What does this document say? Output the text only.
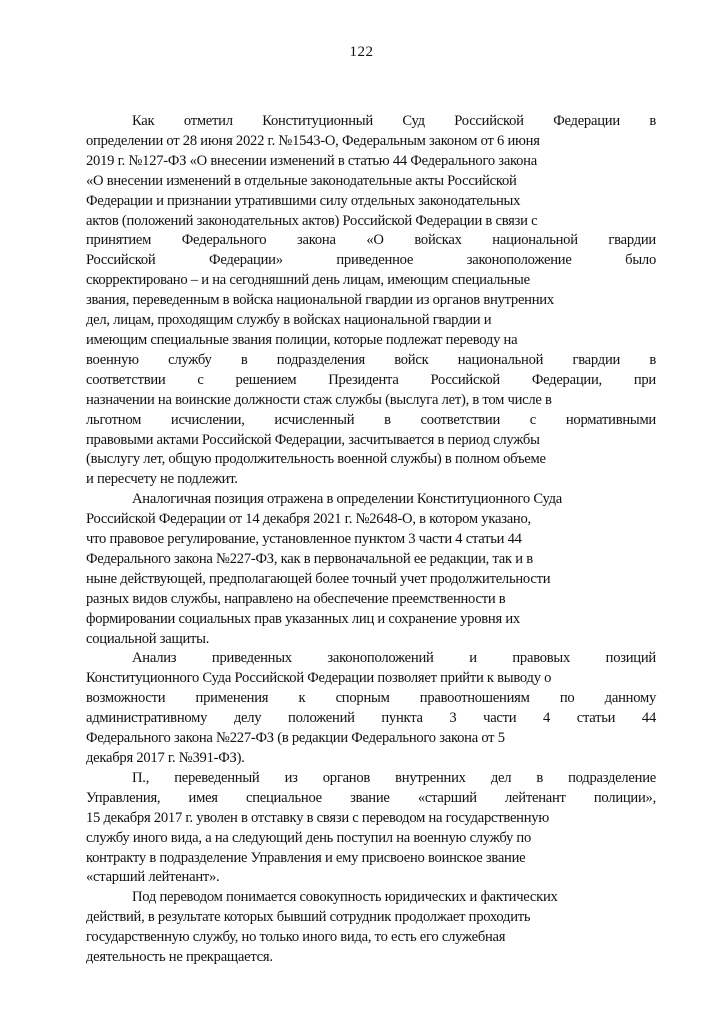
122
Как отметил Конституционный Суд Российской Федерации в
определении от 28 июня 2022 г. №1543-О, Федеральным законом от 6 июня
2019 г. №127-ФЗ «О внесении изменений в статью 44 Федерального закона
«О внесении изменений в отдельные законодательные акты Российской
Федерации и признании утратившими силу отдельных законодательных
актов (положений законодательных актов) Российской Федерации в связи с
принятием Федерального закона «О войсках национальной гвардии
Российской Федерации» приведенное законоположение было
скорректировано – и на сегодняшний день лицам, имеющим специальные
звания, переведенным в войска национальной гвардии из органов внутренних
дел, лицам, проходящим службу в войсках национальной гвардии и
имеющим специальные звания полиции, которые подлежат переводу на
военную службу в подразделения войск национальной гвардии в
соответствии с решением Президента Российской Федерации, при
назначении на воинские должности стаж службы (выслуга лет), в том числе в
льготном исчислении, исчисленный в соответствии с нормативными
правовыми актами Российской Федерации, засчитывается в период службы
(выслугу лет, общую продолжительность военной службы) в полном объеме
и пересчету не подлежит.
Аналогичная позиция отражена в определении Конституционного Суда
Российской Федерации от 14 декабря 2021 г. №2648-О, в котором указано,
что правовое регулирование, установленное пунктом 3 части 4 статьи 44
Федерального закона №227-ФЗ, как в первоначальной ее редакции, так и в
ныне действующей, предполагающей более точный учет продолжительности
разных видов службы, направлено на обеспечение преемственности в
формировании социальных прав указанных лиц и сохранение уровня их
социальной защиты.
Анализ приведенных законоположений и правовых позиций
Конституционного Суда Российской Федерации позволяет прийти к выводу о
возможности применения к спорным правоотношениям по данному
административному делу положений пункта 3 части 4 статьи 44
Федерального закона №227-ФЗ (в редакции Федерального закона от 5
декабря 2017 г. №391-ФЗ).
П., переведенный из органов внутренних дел в подразделение
Управления, имея специальное звание «старший лейтенант полиции»,
15 декабря 2017 г. уволен в отставку в связи с переводом на государственную
службу иного вида, а на следующий день поступил на военную службу по
контракту в подразделение Управления и ему присвоено воинское звание
«старший лейтенант».
Под переводом понимается совокупность юридических и фактических
действий, в результате которых бывший сотрудник продолжает проходить
государственную службу, но только иного вида, то есть его служебная
деятельность не прекращается.
